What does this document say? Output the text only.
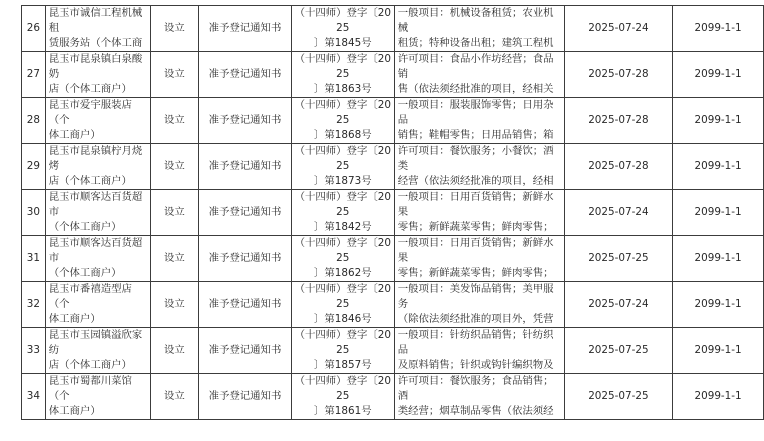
26	昆玉市诚信工程机械租
赁服务站（个体工商	设立	准予登记通知书	（十四师）登字〔2025
〕第1845号	一般项目：机械设备租赁；农业机械
租赁；特种设备出租；建筑工程机	2025-07-24	2099-1-1

27	昆玉市昆泉镇白泉酸奶
店（个体工商户）	设立	准予登记通知书	（十四师）登字〔2025
〕第1863号	许可项目：食品小作坊经营；食品销
售（依法须经批准的项目，经相关	2025-07-28	2099-1-1

28	昆玉市爱宇服装店（个
体工商户）	设立	准予登记通知书	（十四师）登字〔2025
〕第1868号	一般项目：服装服饰零售；日用杂品
销售；鞋帽零售；日用品销售；箱	2025-07-28	2099-1-1

29	昆玉市昆泉镇柠月烧烤
店（个体工商户）	设立	准予登记通知书	（十四师）登字〔2025
〕第1873号	许可项目：餐饮服务；小餐饮；酒类
经营（依法须经批准的项目，经相	2025-07-28	2099-1-1

30	昆玉市顺客达百货超市
（个体工商户）	设立	准予登记通知书	（十四师）登字〔2025
〕第1842号	一般项目：日用百货销售；新鲜水果
零售；新鲜蔬菜零售；鲜肉零售；	2025-07-24	2099-1-1

31	昆玉市顺客达百货超市
（个体工商户）	设立	准予登记通知书	（十四师）登字〔2025
〕第1862号	一般项目：日用百货销售；新鲜水果
零售；新鲜蔬菜零售；鲜肉零售；	2025-07-25	2099-1-1

32	昆玉市番禧造型店（个
体工商户）	设立	准予登记通知书	（十四师）登字〔2025
〕第1846号	一般项目：美发饰品销售；美甲服务
（除依法须经批准的项目外，凭营	2025-07-24	2099-1-1

33	昆玉市玉园镇溢欣家纺
店（个体工商户）	设立	准予登记通知书	（十四师）登字〔2025
〕第1857号	一般项目：针纺织品销售；针纺织品
及原料销售；针织或钩针编织物及	2025-07-25	2099-1-1

34	昆玉市蜀都川菜馆（个
体工商户）	设立	准予登记通知书	（十四师）登字〔2025
〕第1861号	许可项目：餐饮服务；食品销售；酒
类经营；烟草制品零售（依法须经	2025-07-25	2099-1-1
